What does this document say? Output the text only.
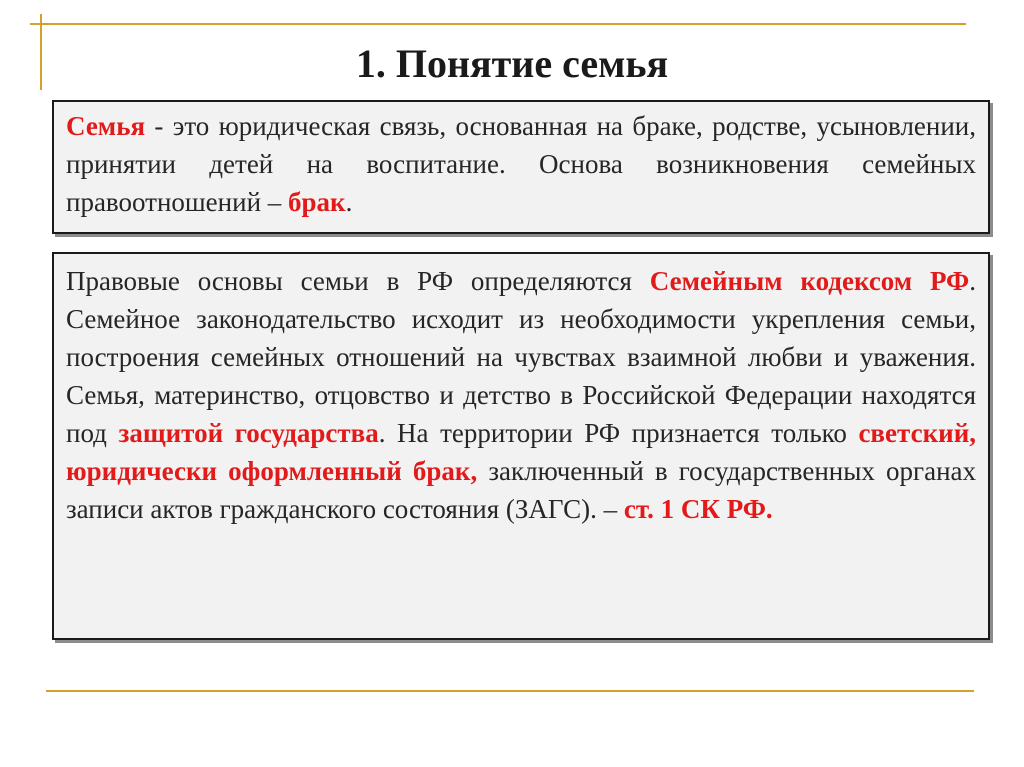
1. Понятие семья
Семья - это юридическая связь, основанная на браке, родстве, усыновлении, принятии детей на воспитание. Основа возникновения семейных правоотношений – брак.
Правовые основы семьи в РФ определяются Семейным кодексом РФ. Семейное законодательство исходит из необходимости укрепления семьи, построения семейных отношений на чувствах взаимной любви и уважения. Семья, материнство, отцовство и детство в Российской Федерации находятся под защитой государства. На территории РФ признается только светский, юридически оформленный брак, заключенный в государственных органах записи актов гражданского состояния (ЗАГС). – ст. 1 СК РФ.
